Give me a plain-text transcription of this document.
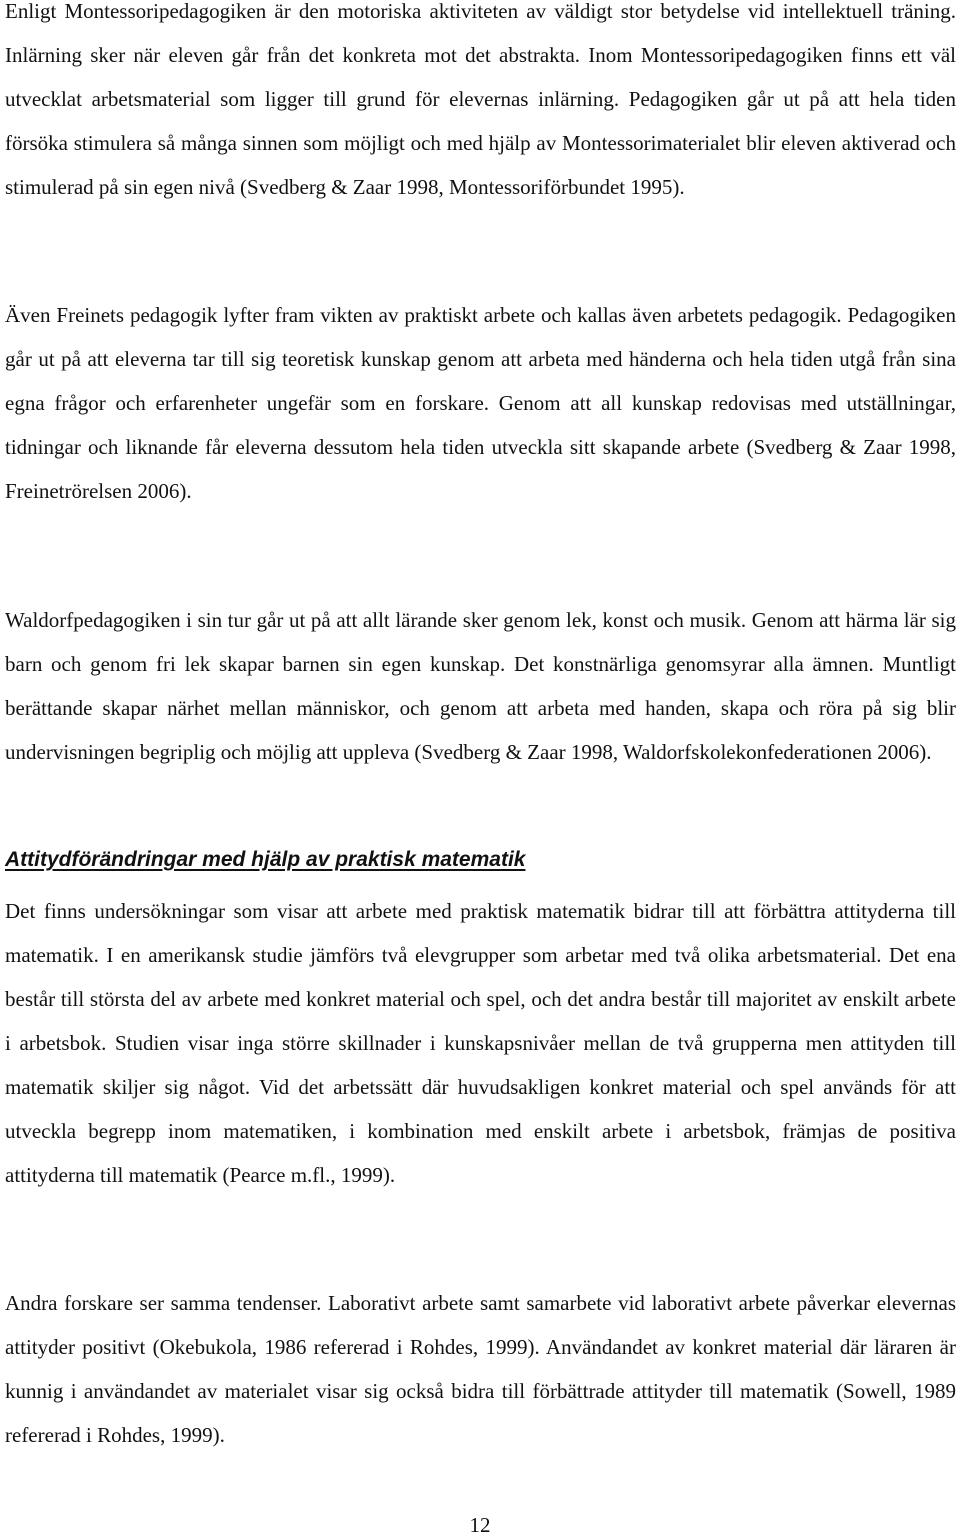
Enligt Montessoripedagogiken är den motoriska aktiviteten av väldigt stor betydelse vid intellektuell träning. Inlärning sker när eleven går från det konkreta mot det abstrakta. Inom Montessoripedagogiken finns ett väl utvecklat arbetsmaterial som ligger till grund för elevernas inlärning. Pedagogiken går ut på att hela tiden försöka stimulera så många sinnen som möjligt och med hjälp av Montessorimaterialet blir eleven aktiverad och stimulerad på sin egen nivå (Svedberg & Zaar 1998, Montessoriförbundet 1995).

Även Freinets pedagogik lyfter fram vikten av praktiskt arbete och kallas även arbetets pedagogik. Pedagogiken går ut på att eleverna tar till sig teoretisk kunskap genom att arbeta med händerna och hela tiden utgå från sina egna frågor och erfarenheter ungefär som en forskare. Genom att all kunskap redovisas med utställningar, tidningar och liknande får eleverna dessutom hela tiden utveckla sitt skapande arbete (Svedberg & Zaar 1998, Freinetrörelsen 2006).

Waldorfpedagogiken i sin tur går ut på att allt lärande sker genom lek, konst och musik. Genom att härma lär sig barn och genom fri lek skapar barnen sin egen kunskap. Det konstnärliga genomsyrar alla ämnen. Muntligt berättande skapar närhet mellan människor, och genom att arbeta med handen, skapa och röra på sig blir undervisningen begriplig och möjlig att uppleva (Svedberg & Zaar 1998, Waldorfskolekonfederationen 2006).

Attitydförändringar med hjälp av praktisk matematik

Det finns undersökningar som visar att arbete med praktisk matematik bidrar till att förbättra attityderna till matematik. I en amerikansk studie jämförs två elevgrupper som arbetar med två olika arbetsmaterial. Det ena består till största del av arbete med konkret material och spel, och det andra består till majoritet av enskilt arbete i arbetsbok. Studien visar inga större skillnader i kunskapsnivåer mellan de två grupperna men attityden till matematik skiljer sig något. Vid det arbetssätt där huvudsakligen konkret material och spel används för att utveckla begrepp inom matematiken, i kombination med enskilt arbete i arbetsbok, främjas de positiva attityderna till matematik (Pearce m.fl., 1999).

Andra forskare ser samma tendenser. Laborativt arbete samt samarbete vid laborativt arbete påverkar elevernas attityder positivt (Okebukola, 1986 refererad i Rohdes, 1999). Användandet av konkret material där läraren är kunnig i användandet av materialet visar sig också bidra till förbättrade attityder till matematik (Sowell, 1989 refererad i Rohdes, 1999).

12
